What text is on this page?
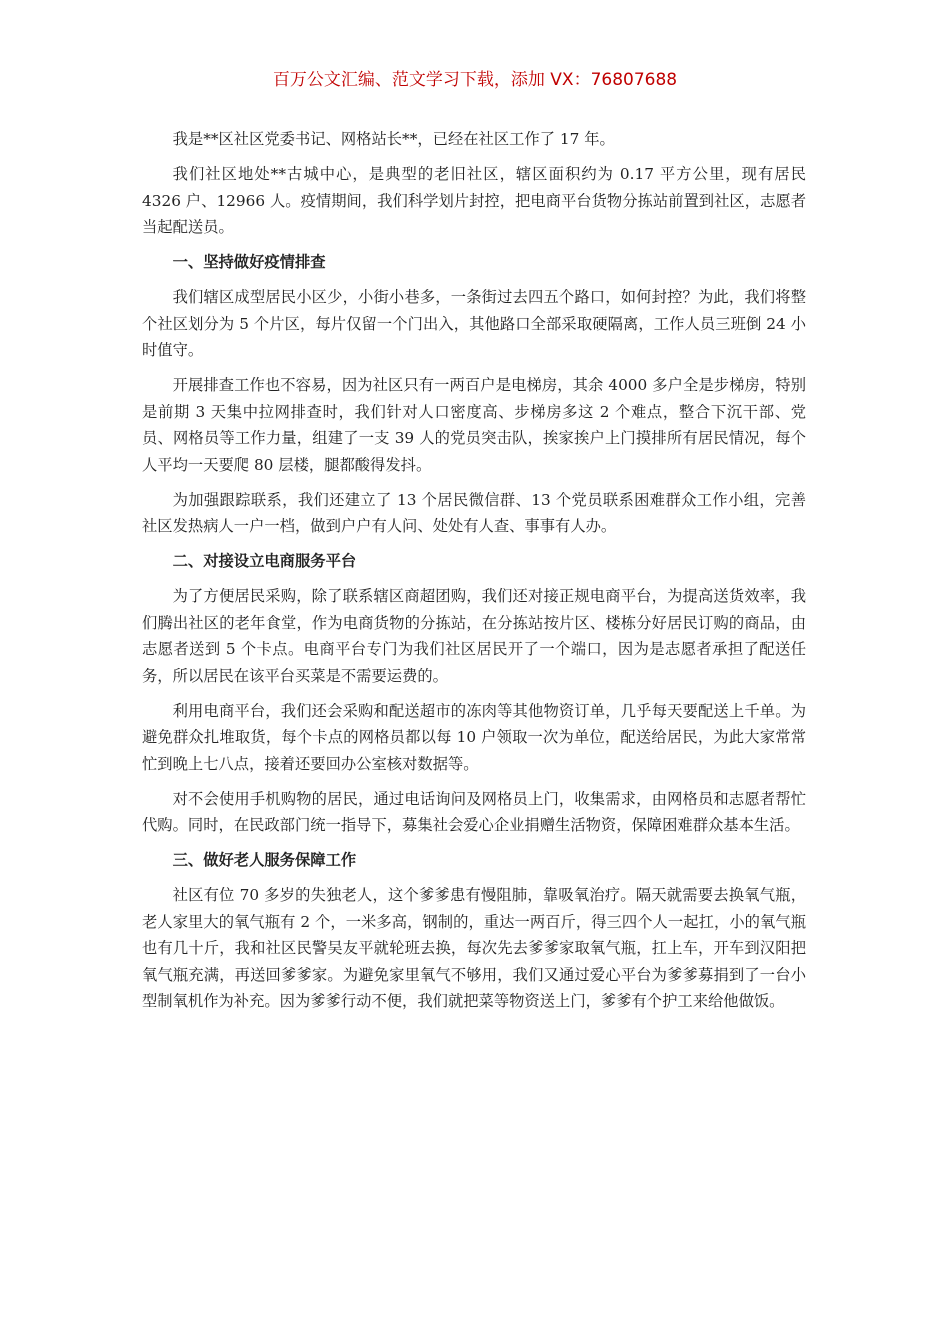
百万公文汇编、范文学习下载，添加 VX：76807688

我是**区社区党委书记、网格站长**，已经在社区工作了 17 年。

我们社区地处**古城中心，是典型的老旧社区，辖区面积约为 0.17 平方公里，现有居民 4326 户、12966 人。疫情期间，我们科学划片封控，把电商平台货物分拣站前置到社区，志愿者当起配送员。

一、坚持做好疫情排查

我们辖区成型居民小区少，小街小巷多，一条街过去四五个路口，如何封控？为此，我们将整个社区划分为 5 个片区，每片仅留一个门出入，其他路口全部采取硬隔离，工作人员三班倒 24 小时值守。

开展排查工作也不容易，因为社区只有一两百户是电梯房，其余 4000 多户全是步梯房，特别是前期 3 天集中拉网排查时，我们针对人口密度高、步梯房多这 2 个难点，整合下沉干部、党员、网格员等工作力量，组建了一支 39 人的党员突击队，挨家挨户上门摸排所有居民情况，每个人平均一天要爬 80 层楼，腿都酸得发抖。

为加强跟踪联系，我们还建立了 13 个居民微信群、13 个党员联系困难群众工作小组，完善社区发热病人一户一档，做到户户有人问、处处有人查、事事有人办。

二、对接设立电商服务平台

为了方便居民采购，除了联系辖区商超团购，我们还对接正规电商平台，为提高送货效率，我们腾出社区的老年食堂，作为电商货物的分拣站，在分拣站按片区、楼栋分好居民订购的商品，由志愿者送到 5 个卡点。电商平台专门为我们社区居民开了一个端口，因为是志愿者承担了配送任务，所以居民在该平台买菜是不需要运费的。

利用电商平台，我们还会采购和配送超市的冻肉等其他物资订单，几乎每天要配送上千单。为避免群众扎堆取货，每个卡点的网格员都以每 10 户领取一次为单位，配送给居民，为此大家常常忙到晚上七八点，接着还要回办公室核对数据等。

对不会使用手机购物的居民，通过电话询问及网格员上门，收集需求，由网格员和志愿者帮忙代购。同时，在民政部门统一指导下，募集社会爱心企业捐赠生活物资，保障困难群众基本生活。

三、做好老人服务保障工作

社区有位 70 多岁的失独老人，这个爹爹患有慢阻肺，靠吸氧治疗。隔天就需要去换氧气瓶，老人家里大的氧气瓶有 2 个，一米多高，钢制的，重达一两百斤，得三四个人一起扛，小的氧气瓶也有几十斤，我和社区民警吴友平就轮班去换，每次先去爹爹家取氧气瓶，扛上车，开车到汉阳把氧气瓶充满，再送回爹爹家。为避免家里氧气不够用，我们又通过爱心平台为爹爹募捐到了一台小型制氧机作为补充。因为爹爹行动不便，我们就把菜等物资送上门，爹爹有个护工来给他做饭。
